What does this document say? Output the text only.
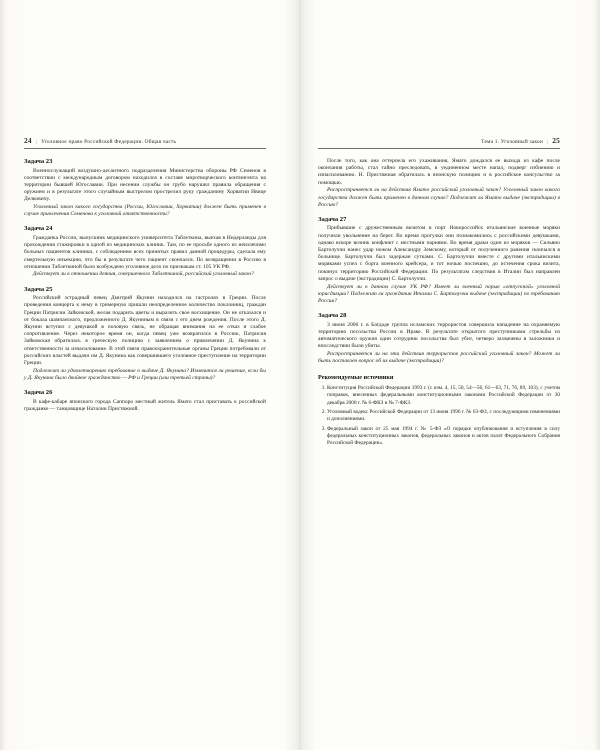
24 | Уголовное право Российской Федерации. Общая часть	Тема 1. Уголовный закон | 25
Задача 23

Военнослужащий воздушно-десантного подразделения Министерства обороны РФ Семенов в соответствии с международным договором находился в составе миротворческого контингента на территории бывшей Югославии. При несении службы он грубо нарушил правила обращения с оружием и в результате этого случайным выстрелом прострелил руку гражданину Хорватии Ивице Делковичу.

Уголовный закон какого государства (России, Югославии, Хорватии) должен быть применен в случае привлечения Семенова к уголовной ответственности?

Задача 24

Гражданка России, выпускник медицинского университета Таблеткина, выехав в Нидерланды для прохождения стажировки в одной из медицинских клиник. Там, по ее просьбе одного из неизлечимо больных пациентов клиники, с соблюдением всех принятых правил данной процедуры, сделала ему смертельную инъекцию, что бы в результате чего пациент скончался. По возвращении в Россию в отношении Таблеткиной было возбуждено уголовное дело по признакам ст. 105 УК РФ.

Действует ли в отношении деяния, совершенного Таблеткиной, российский уголовный закон?

Задача 25

Российский эстрадный певец Дмитрий Якунин находился на гастролях в Греции. После проведения концерта к нему в гримерную пришли неопределенное количество поклонниц, граждан Греции Патрисии Зайковской, желая подарить цветы и выразить свое восхищение. Он не отказался и от бокала шампанского, предложенного Д. Якуниным в связи с его днем рождения. После этого Д. Якунин вступил с девушкой в половую связь, не обращая внимания на ее отказ и слабое сопротивление. Через некоторое время он, когда певец уже возвратился в Россию, Патрисия Зайковская обратилась в греческую полицию с заявлением о привлечении Д. Якунина к ответственности за изнасилование. В этой связи правоохранительные органы Греции потребовали от российских властей выдачи им Д. Якунина как совершившего уголовное преступление на территории Греции.

Подлежит ли удовлетворению требование о выдаче Д. Якунина? Изменится ли решение, если бы у Д. Якунина было двойное гражданство — РФ и Греции (или третьей страны)?

Задача 26

В кафе-кабаре японского города Саппоро местный житель Ямато стал приставать к российской гражданке — танцовщице Наталии Пристяжной.

После того, как она оттерпела его ухаживания, Ямато дождался ее выхода из кафе после окончания работы, стал тайно преследовать, в уединенном месте напал, подверг избиению и изнасилованию. Н. Пристяжная обратилась в японскую полицию и в российское консульство за помощью.

Распространяется ли на действия Ямато российский уголовный закон? Уголовный закон какого государства должен быть применен в данном случае? Подлежит ли Ямато выдаче (экстрадиции) в Россию?

Задача 27

Прибывшие с дружественным визитом в порт Новороссийск итальянские военные моряки получили увольнение на берег. Во время прогулки они познакомились с российскими девушками, однако вскоре возник конфликт с местными парнями. Во время драки один из моряков — Сильвио Бартолуччи нанес удар ножом Александру Земскому, который от полученного ранения скончался в больнице. Бартолуччи был задержан сутками. С. Бартолуччи вместе с другими итальянскими моряками успел с борта военного крейсера, и тот ночью поспешно, до истечения срока визита, покинул территорию Российской Федерации. По результатам следствия в Италии был направлен запрос о выдаче (экстрадиции) С. Бартолуччи.

Действует ли в данном случае УК РФ? Имеет ли военный порыв «отпускной» уголовной юрисдикции? Подлежит ли гражданин Италии С. Бартолуччи выдаче (экстрадиции) по требованию России?

Задача 28

3 июня 2006 г. в Багдаде группа исламских террористов совершила нападение на охраняемую территорию посольства России в Ираке. В результате открытого преступниками стрельбы из автоматического оружия один сотрудник посольства был убит, четверо захвачены в заложники и впоследствии были убиты.

Распространяется ли на эти действия террористов российский уголовный закон? Может ли быть поставлен вопрос об их выдаче (экстрадиции)?

Рекомендуемые источники
1. Конституция Российской Федерации 1993 г. (с изм. 4, 15, 50, 54—56, 61—63, 71, 76, 89, 103), с учетом поправок, внесенных федеральными конституционными законами Российской Федерации от 30 декабря 2008 г. № 6-ФКЗ и № 7-ФКЗ.
2. Уголовный кодекс Российской Федерации от 13 июня 1996 г. № 63-ФЗ, с последующими изменениями и дополнениями.
3. Федеральный закон от 25 мая 1994 г. № 5-ФЗ «О порядке опубликования и вступления в силу федеральных конституционных законов, федеральных законов и актов палат Федерального Собрания Российской Федерации».
